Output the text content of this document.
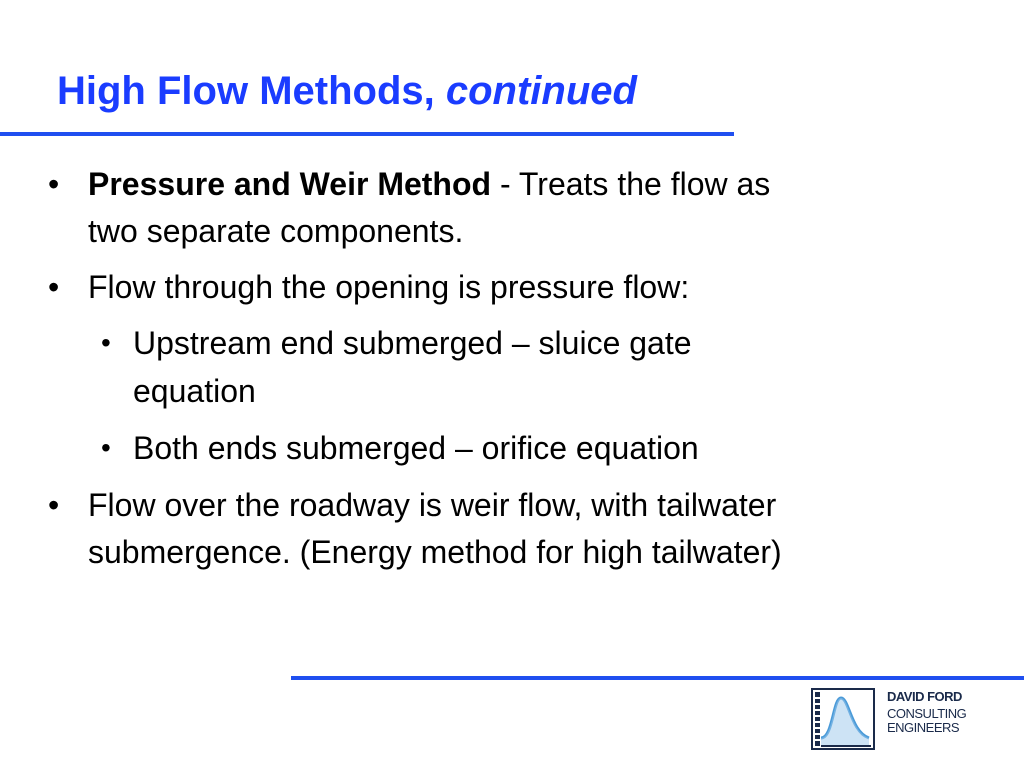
High Flow Methods, continued
• Pressure and Weir Method - Treats the flow as
two separate components.
• Flow through the opening is pressure flow:
• Upstream end submerged – sluice gate
equation
• Both ends submerged – orifice equation
• Flow over the roadway is weir flow, with tailwater
submergence. (Energy method for high tailwater)
DAVID FORD
CONSULTING
ENGINEERS
